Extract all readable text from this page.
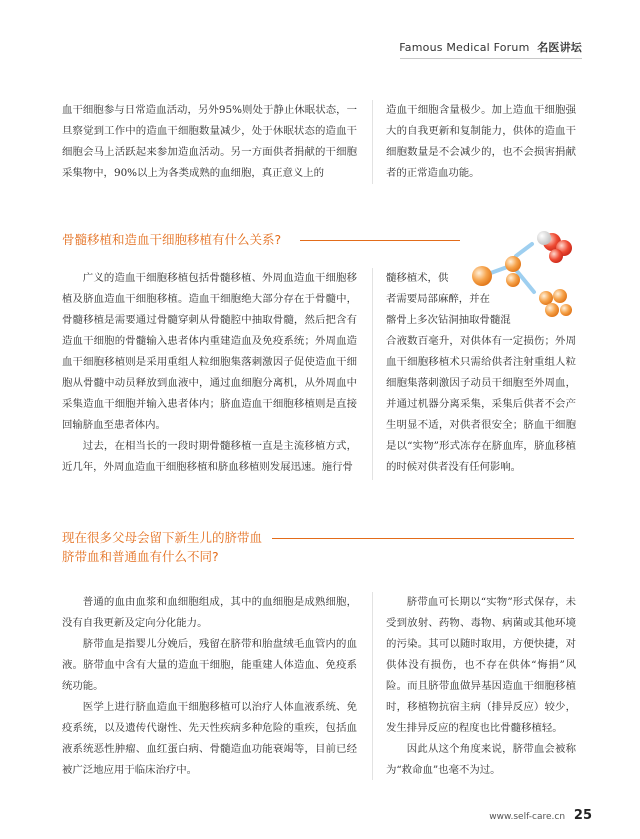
Famous Medical Forum 名医讲坛

血干细胞参与日常造血活动，另外95%则处于静止休眠状态，一旦察觉到工作中的造血干细胞数量减少，处于休眠状态的造血干细胞会马上活跃起来参加造血活动。另一方面供者捐献的干细胞采集物中，90%以上为各类成熟的血细胞，真正意义上的

造血干细胞含量极少。加上造血干细胞强大的自我更新和复制能力，供体的造血干细胞数量是不会减少的，也不会损害捐献者的正常造血功能。

骨髓移植和造血干细胞移植有什么关系?

广义的造血干细胞移植包括骨髓移植、外周血造血干细胞移植及脐血造血干细胞移植。造血干细胞绝大部分存在于骨髓中，骨髓移植是需要通过骨髓穿刺从骨髓腔中抽取骨髓，然后把含有造血干细胞的骨髓输入患者体内重建造血及免疫系统；外周血造血干细胞移植则是采用重组人粒细胞集落刺激因子促使造血干细胞从骨髓中动员释放到血液中，通过血细胞分离机，从外周血中采集造血干细胞并输入患者体内；脐血造血干细胞移植则是直接回输脐血至患者体内。

过去，在相当长的一段时期骨髓移植一直是主流移植方式，近几年，外周血造血干细胞移植和脐血移植则发展迅速。施行骨

髓移植术，供
者需要局部麻醉，并在
髂骨上多次钻洞抽取骨髓混

合液数百毫升，对供体有一定损伤；外周血干细胞移植术只需给供者注射重组人粒细胞集落刺激因子动员干细胞至外周血，并通过机器分离采集，采集后供者不会产生明显不适，对供者很安全；脐血干细胞是以“实物”形式冻存在脐血库，脐血移植的时候对供者没有任何影响。

现在很多父母会留下新生儿的脐带血
脐带血和普通血有什么不同?

普通的血由血浆和血细胞组成，其中的血细胞是成熟细胞，没有自我更新及定向分化能力。

脐带血是指婴儿分娩后，残留在脐带和胎盘绒毛血管内的血液。脐带血中含有大量的造血干细胞，能重建人体造血、免疫系统功能。

医学上进行脐血造血干细胞移植可以治疗人体血液系统、免疫系统，以及遗传代谢性、先天性疾病多种危险的重疾，包括血液系统恶性肿瘤、血红蛋白病、骨髓造血功能衰竭等，目前已经被广泛地应用于临床治疗中。

脐带血可长期以“实物”形式保存，未受到放射、药物、毒物、病菌或其他环境的污染。其可以随时取用，方便快捷，对供体没有损伤，也不存在供体“悔捐”风险。而且脐带血做异基因造血干细胞移植时，移植物抗宿主病（排异反应）较少，发生排异反应的程度也比骨髓移植轻。

因此从这个角度来说，脐带血会被称为“救命血”也毫不为过。

www.self-care.cn 25
